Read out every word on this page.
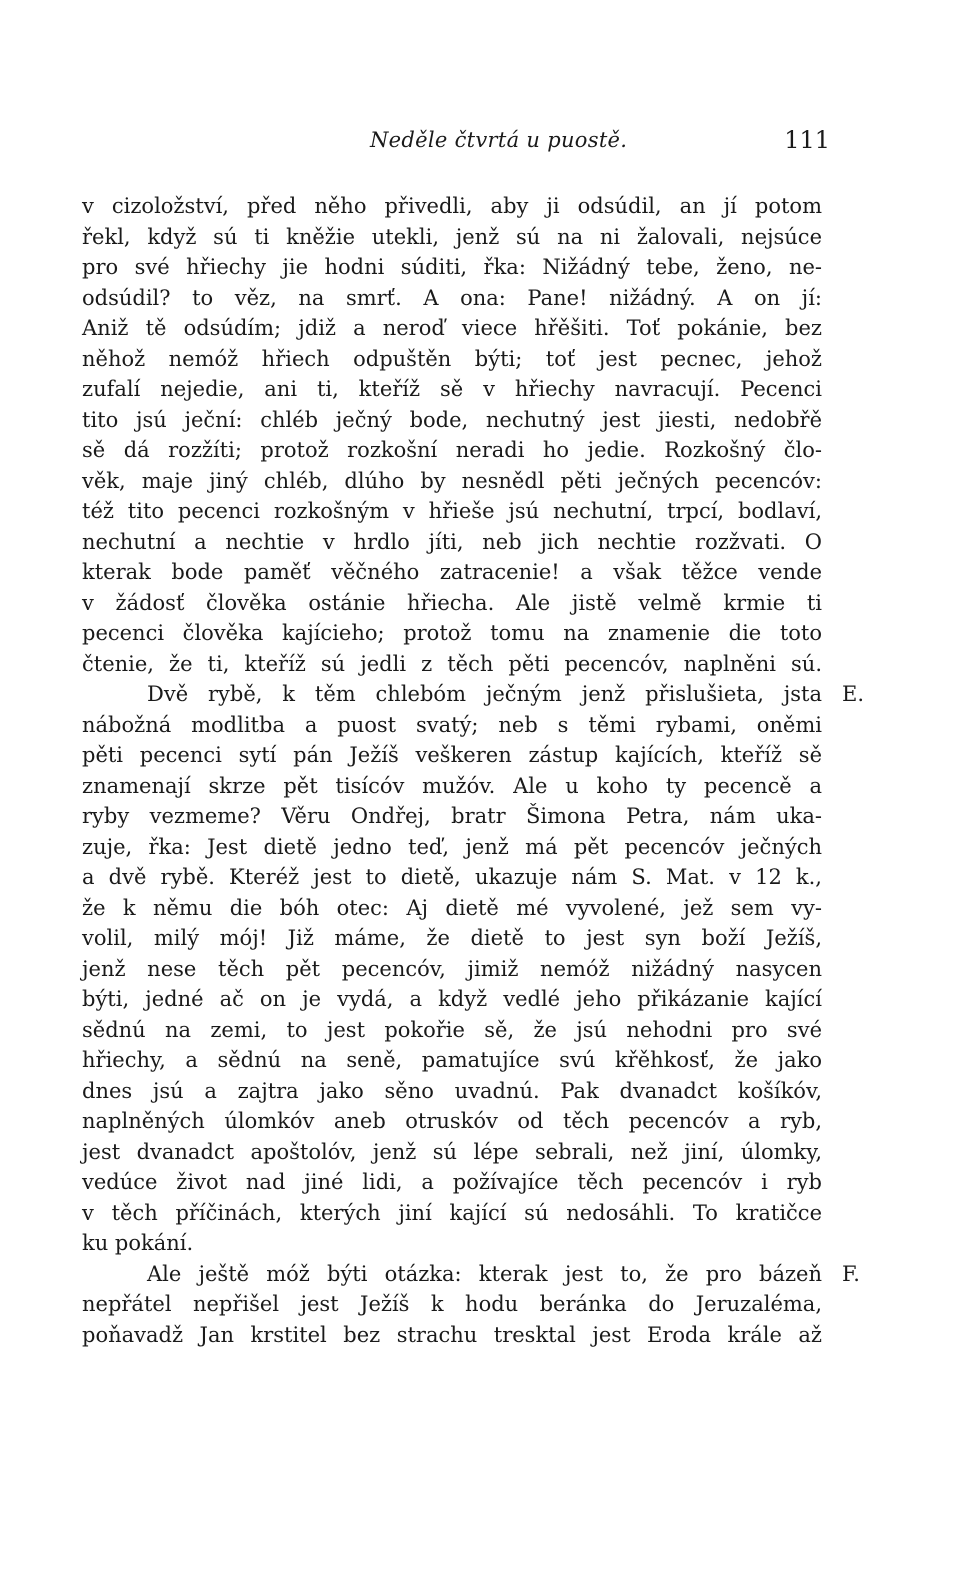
Neděle čtvrtá u puostě.	111
v cizoložství, před něho přivedli, aby ji odsúdil, an jí potom
řekl, když sú ti kněžie utekli, jenž sú na ni žalovali, nejsúce
pro své hřiechy jie hodni súditi, řka: Nižádný tebe, ženo, ne-
odsúdil? to věz, na smrť. A ona: Pane! nižádný. A on jí:
Aniž tě odsúdím; jdiž a neroď viece hřěšiti. Toť pokánie, bez
něhož nemóž hřiech odpuštěn býti; toť jest pecnec, jehož
zufalí nejedie, ani ti, kteříž sě v hřiechy navracují. Pecenci
tito jsú ječní: chléb ječný bode, nechutný jest jiesti, nedobřě
sě dá rozžíti; protož rozkošní neradi ho jedie. Rozkošný člo-
věk, maje jiný chléb, dlúho by nesnědl pěti ječných pecencóv:
též tito pecenci rozkošným v hřieše jsú nechutní, trpcí, bodlaví,
nechutní a nechtie v hrdlo jíti, neb jich nechtie rozžvati. O
kterak bode paměť věčného zatracenie! a však těžce vende
v žádosť člověka ostánie hřiecha. Ale jistě velmě krmie ti
pecenci člověka kajícieho; protož tomu na znamenie die toto
čtenie, že ti, kteříž sú jedli z těch pěti pecencóv, naplněni sú.
Dvě rybě, k těm chlebóm ječným jenž přislušieta, jsta
nábožná modlitba a puost svatý; neb s těmi rybami, oněmi
pěti pecenci sytí pán Ježíš veškeren zástup kajících, kteříž sě
znamenají skrze pět tisícóv mužóv. Ale u koho ty pecencě a
ryby vezmeme? Věru Ondřej, bratr Šimona Petra, nám uka-
zuje, řka: Jest dietě jedno teď, jenž má pět pecencóv ječných
a dvě rybě. Kteréž jest to dietě, ukazuje nám S. Mat. v 12 k.,
že k němu die bóh otec: Aj dietě mé vyvolené, jež sem vy-
volil, milý mój! Již máme, že dietě to jest syn boží Ježíš,
jenž nese těch pět pecencóv, jimiž nemóž nižádný nasycen
býti, jedné ač on je vydá, a když vedlé jeho přikázanie kající
sědnú na zemi, to jest pokořie sě, že jsú nehodni pro své
hřiechy, a sědnú na seně, pamatujíce svú křěhkosť, že jako
dnes jsú a zajtra jako sěno uvadnú. Pak dvanadct košíkóv,
naplněných úlomkóv aneb otruskóv od těch pecencóv a ryb,
jest dvanadct apoštolóv, jenž sú lépe sebrali, než jiní, úlomky,
vedúce život nad jiné lidi, a požívajíce těch pecencóv i ryb
v těch příčinách, kterých jiní kající sú nedosáhli. To kratičce
ku pokání.
Ale ještě móž býti otázka: kterak jest to, že pro bázeň
nepřátel nepřišel jest Ježíš k hodu beránka do Jeruzaléma,
poňavadž Jan krstitel bez strachu tresktal jest Eroda krále až
E.
F.
